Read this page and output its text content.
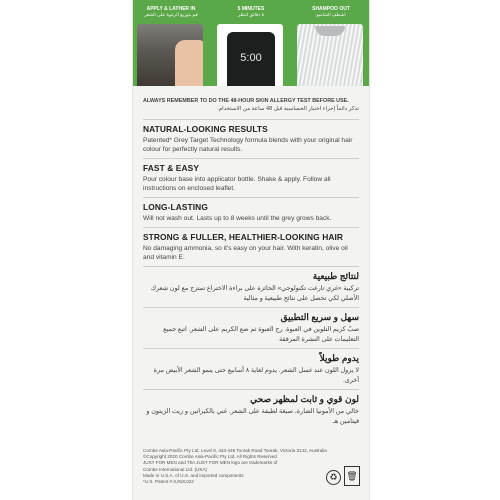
APPLY & LATHER IN
قم بتوزيع الرغوة على الشعر
5 MINUTES
٥ دقائق انتظر
5:00
SHAMPOO OUT
اشطف الشامبو

ALWAYS REMEMBER TO DO THE 48-HOUR SKIN ALLERGY TEST BEFORE USE.

تذكر دائماً إجراء اختبار الحساسية قبل 48 ساعة من الاستخدام.

NATURAL-LOOKING RESULTS

Patented* Grey Target Technology formula blends with your original hair colour for perfectly natural results.

FAST & EASY

Pour colour base into applicator bottle. Shake & apply. Follow all instructions on enclosed leaflet.

LONG-LASTING

Will not wash out. Lasts up to 8 weeks until the grey grows back.

STRONG & FULLER, HEALTHIER-LOOKING HAIR

No damaging ammonia, so it's easy on your hair. With keratin, olive oil and vitamin E.

لنتائج طبيعية

تركيبة «غري تارغت تكنولوجي» الحائزة على براءة الاختراع تمتزج مع لون شعرك الأصلي لكي تحصل على نتائج طبيعية و مثالية

سهل و سريع التطبيق

صبّ كريم التلوين في العبوة. رج العبوة ثم ضع الكريم على الشعر. اتبع جميع التعليمات على النشرة المرفقة

يدوم طويلاً

لا يزول اللون عند غسل الشعر. يدوم لغاية ٨ أسابيع حتى ينمو الشعر الأبيض مرة أخرى.

لون قوي و ثابت لمظهر صحي

خالي من الأمونيا الضارة، صبغة لطيفة على الشعر. غني بالكيراتين و زيت الزيتون و فيتامين هـ

Combe Asia-Pacific Pty Ltd, Level 8, 443-449 Toorak Road Toorak, Victoria 3142, Australia

©Copyright 2020 Combe Asia-Pacific Pty Ltd. All Rights Reserved

JUST FOR MEN and The JUST FOR MEN logo are trademarks of

Combe International Ltd. (USA)

Made in U.S.A. of U.S. and imported components

*U.S. Patent # 6,818,022	♻ 🗑
